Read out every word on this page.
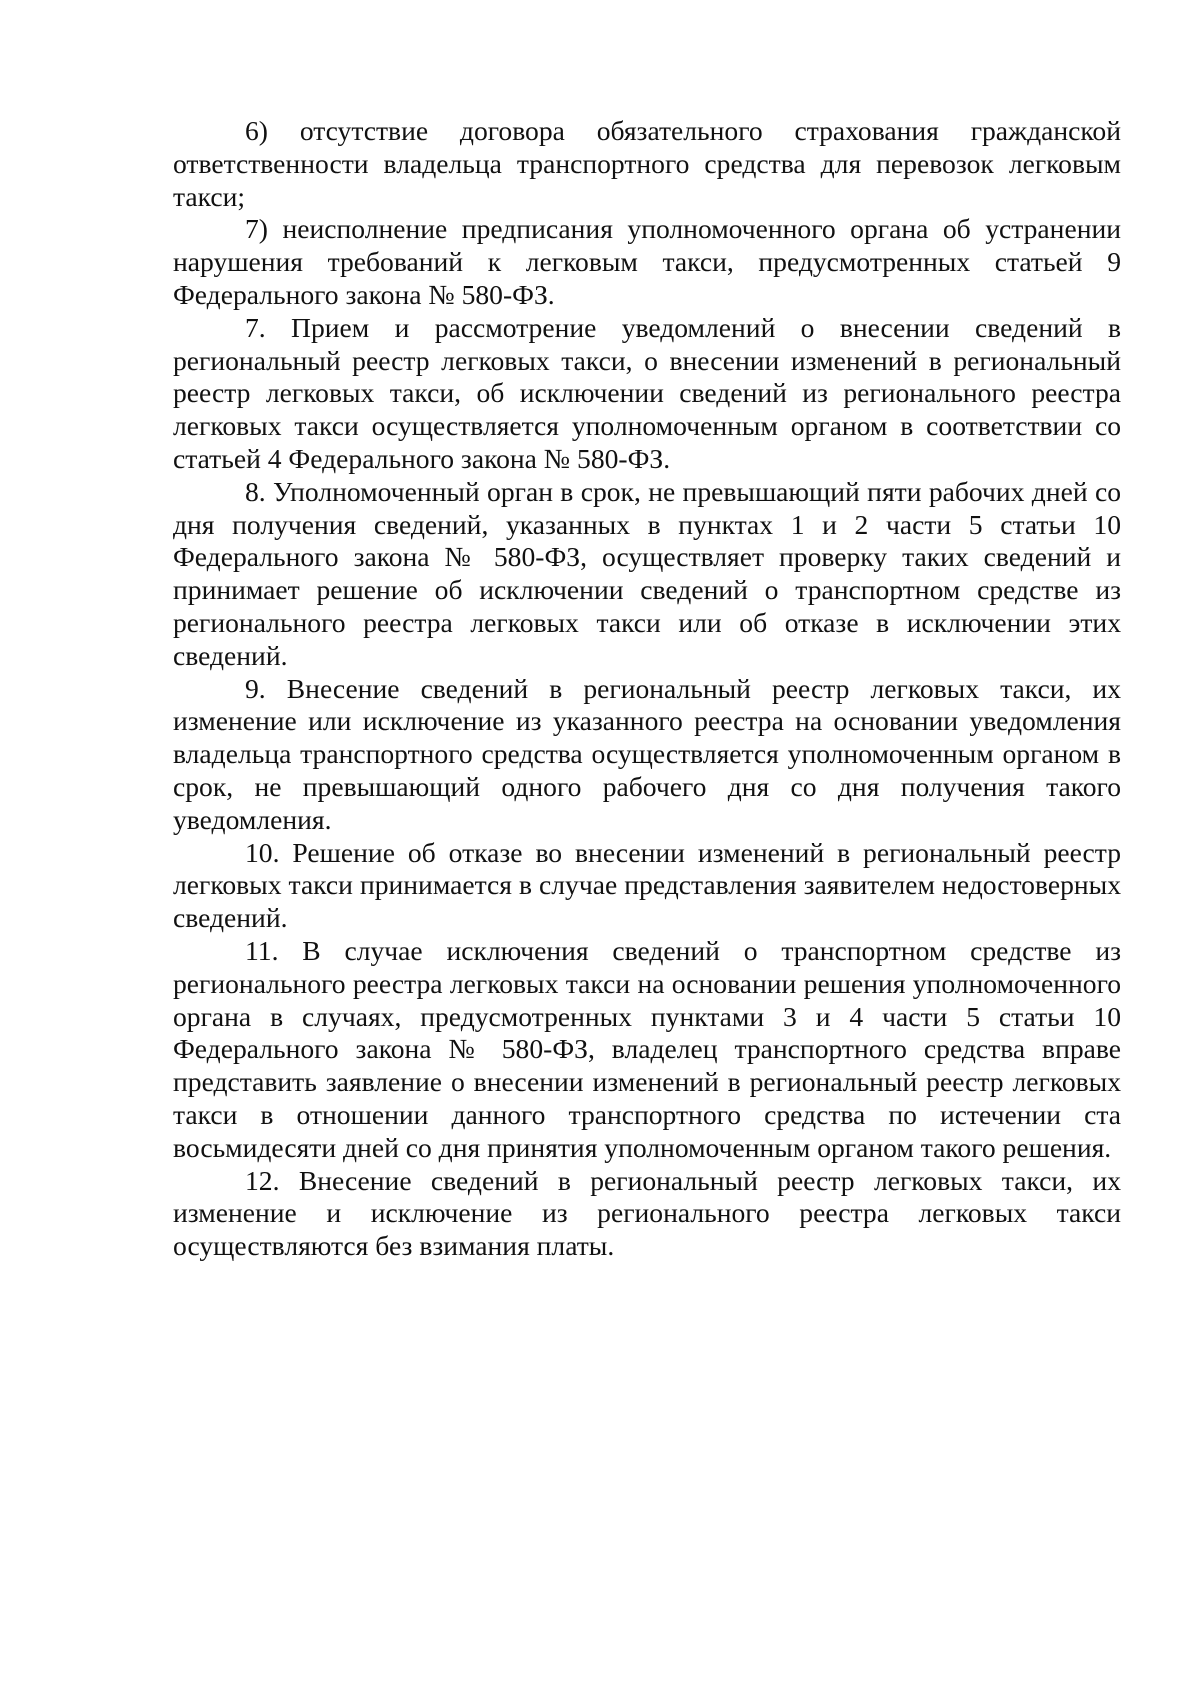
6) отсутствие договора обязательного страхования гражданской ответственности владельца транспортного средства для перевозок легковым такси;

7) неисполнение предписания уполномоченного органа об устранении нарушения требований к легковым такси, предусмотренных статьей 9 Федерального закона № 580-ФЗ.

7. Прием и рассмотрение уведомлений о внесении сведений в региональный реестр легковых такси, о внесении изменений в региональный реестр легковых такси, об исключении сведений из регионального реестра легковых такси осуществляется уполномоченным органом в соответствии со статьей 4 Федерального закона № 580-ФЗ.

8. Уполномоченный орган в срок, не превышающий пяти рабочих дней со дня получения сведений, указанных в пунктах 1 и 2 части 5 статьи 10 Федерального закона № 580-ФЗ, осуществляет проверку таких сведений и принимает решение об исключении сведений о транспортном средстве из регионального реестра легковых такси или об отказе в исключении этих сведений.

9. Внесение сведений в региональный реестр легковых такси, их изменение или исключение из указанного реестра на основании уведомления владельца транспортного средства осуществляется уполномоченным органом в срок, не превышающий одного рабочего дня со дня получения такого уведомления.

10. Решение об отказе во внесении изменений в региональный реестр легковых такси принимается в случае представления заявителем недостоверных сведений.

11. В случае исключения сведений о транспортном средстве из регионального реестра легковых такси на основании решения уполномоченного органа в случаях, предусмотренных пунктами 3 и 4 части 5 статьи 10 Федерального закона № 580-ФЗ, владелец транспортного средства вправе представить заявление о внесении изменений в региональный реестр легковых такси в отношении данного транспортного средства по истечении ста восьмидесяти дней со дня принятия уполномоченным органом такого решения.

12. Внесение сведений в региональный реестр легковых такси, их изменение и исключение из регионального реестра легковых такси осуществляются без взимания платы.
